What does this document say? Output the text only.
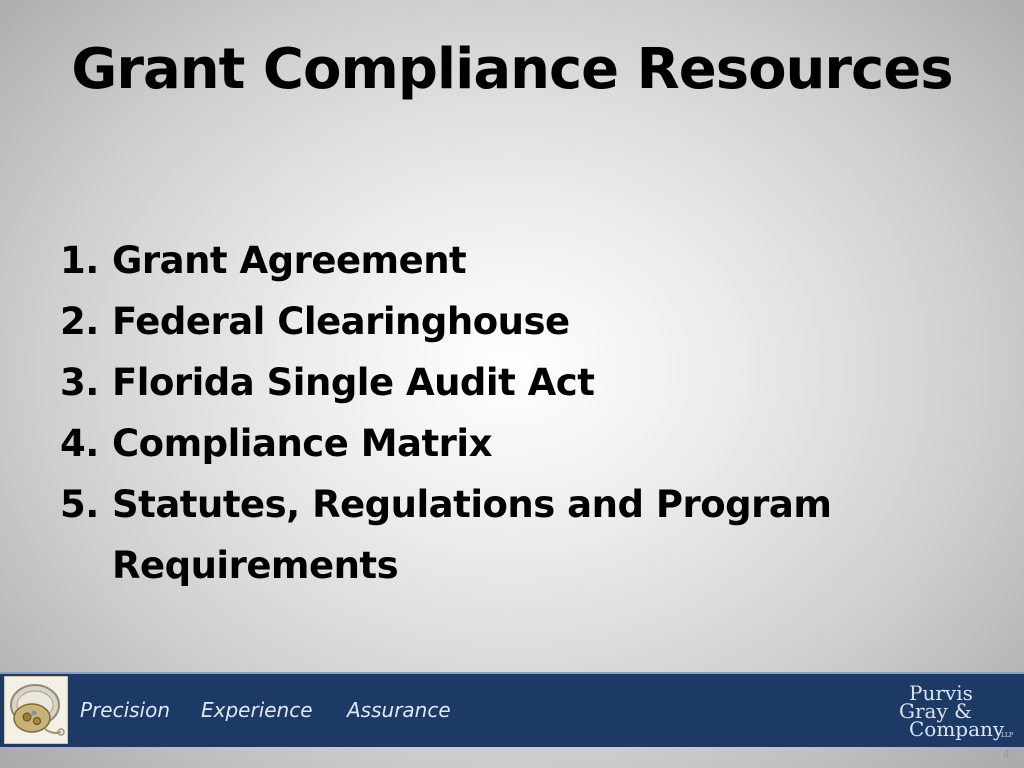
Grant Compliance Resources
1. Grant Agreement
2. Federal Clearinghouse
3. Florida Single Audit Act
4. Compliance Matrix
5. Statutes, Regulations and Program Requirements
Precision Experience Assurance
Purvis
Gray &
Company
LLP
4
